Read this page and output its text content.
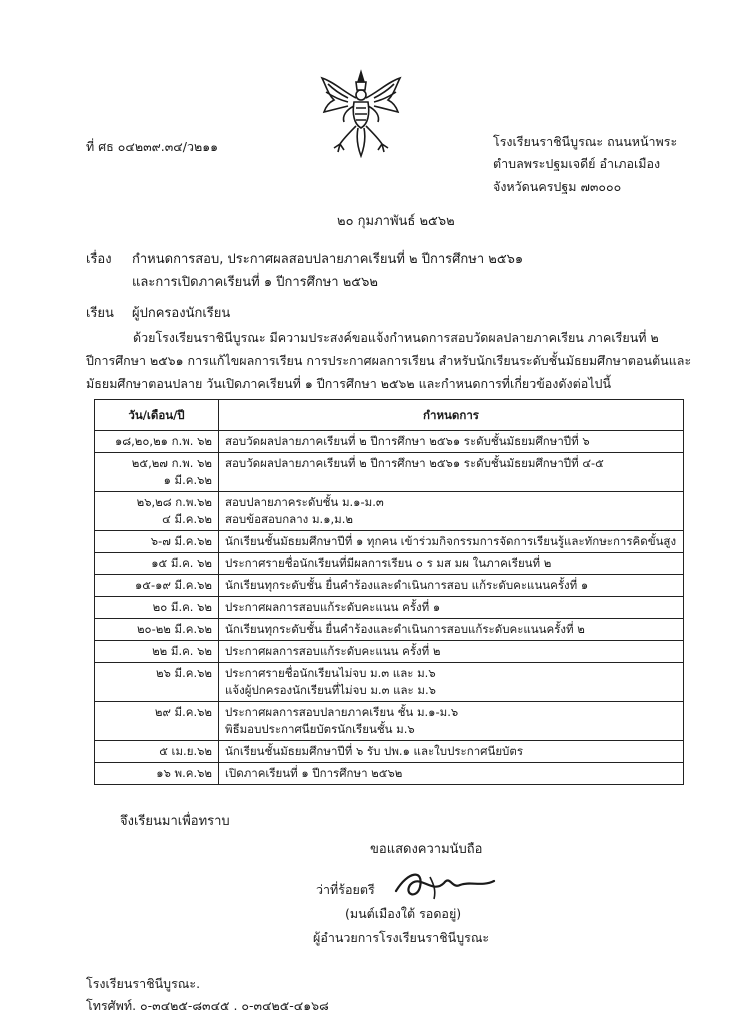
ที่ ศธ ๐๔๒๓๙.๓๔/ว๒๑๑	โรงเรียนราชินีบูรณะ ถนนหน้าพระ
ตำบลพระปฐมเจดีย์ อำเภอเมือง
จังหวัดนครปฐม ๗๓๐๐๐
๒๐ กุมภาพันธ์ ๒๕๖๒
เรื่อง กำหนดการสอบ, ประกาศผลสอบปลายภาคเรียนที่ ๒ ปีการศึกษา ๒๕๖๑
และการเปิดภาคเรียนที่ ๑ ปีการศึกษา ๒๕๖๒
เรียน ผู้ปกครองนักเรียน
ด้วยโรงเรียนราชินีบูรณะ มีความประสงค์ขอแจ้งกำหนดการสอบวัดผลปลายภาคเรียน ภาคเรียนที่ ๒
ปีการศึกษา ๒๕๖๑ การแก้ไขผลการเรียน การประกาศผลการเรียน สำหรับนักเรียนระดับชั้นมัธยมศึกษาตอนต้นและ
มัธยมศึกษาตอนปลาย วันเปิดภาคเรียนที่ ๑ ปีการศึกษา ๒๕๖๒ และกำหนดการที่เกี่ยวข้องดังต่อไปนี้
วัน/เดือน/ปี	กำหนดการ
๑๘,๒๐,๒๑ ก.พ. ๖๒	สอบวัดผลปลายภาคเรียนที่ ๒ ปีการศึกษา ๒๕๖๑ ระดับชั้นมัธยมศึกษาปีที่ ๖
๒๕,๒๗ ก.พ. ๖๒
๑ มี.ค.๖๒	สอบวัดผลปลายภาคเรียนที่ ๒ ปีการศึกษา ๒๕๖๑ ระดับชั้นมัธยมศึกษาปีที่ ๔-๕
๒๖,๒๘ ก.พ.๖๒
๔ มี.ค.๖๒	สอบปลายภาคระดับชั้น ม.๑-ม.๓
สอบข้อสอบกลาง ม.๑,ม.๒
๖-๗ มี.ค.๖๒	นักเรียนชั้นมัธยมศึกษาปีที่ ๑ ทุกคน เข้าร่วมกิจกรรมการจัดการเรียนรู้และทักษะการคิดขั้นสูง
๑๕ มี.ค. ๖๒	ประกาศรายชื่อนักเรียนที่มีผลการเรียน ๐ ร มส มผ ในภาคเรียนที่ ๒
๑๕-๑๙ มี.ค.๖๒	นักเรียนทุกระดับชั้น ยื่นคำร้องและดำเนินการสอบ แก้ระดับคะแนนครั้งที่ ๑
๒๐ มี.ค. ๖๒	ประกาศผลการสอบแก้ระดับคะแนน ครั้งที่ ๑
๒๐-๒๒ มี.ค.๖๒	นักเรียนทุกระดับชั้น ยื่นคำร้องและดำเนินการสอบแก้ระดับคะแนนครั้งที่ ๒
๒๒ มี.ค. ๖๒	ประกาศผลการสอบแก้ระดับคะแนน ครั้งที่ ๒
๒๖ มี.ค.๖๒	ประกาศรายชื่อนักเรียนไม่จบ ม.๓ และ ม.๖
แจ้งผู้ปกครองนักเรียนที่ไม่จบ ม.๓ และ ม.๖
๒๙ มี.ค.๖๒	ประกาศผลการสอบปลายภาคเรียน ชั้น ม.๑-ม.๖
พิธีมอบประกาศนียบัตรนักเรียนชั้น ม.๖
๕ เม.ย.๖๒	นักเรียนชั้นมัธยมศึกษาปีที่ ๖ รับ ปพ.๑ และใบประกาศนียบัตร
๑๖ พ.ค.๖๒	เปิดภาคเรียนที่ ๑ ปีการศึกษา ๒๕๖๒
จึงเรียนมาเพื่อทราบ
ขอแสดงความนับถือ
ว่าที่ร้อยตรี
(มนต์เมืองใต้ รอดอยู่)
ผู้อำนวยการโรงเรียนราชินีบูรณะ
โรงเรียนราชินีบูรณะ.
โทรศัพท์. ๐-๓๔๒๕-๘๓๔๕ . ๐-๓๔๒๕-๔๑๖๘
